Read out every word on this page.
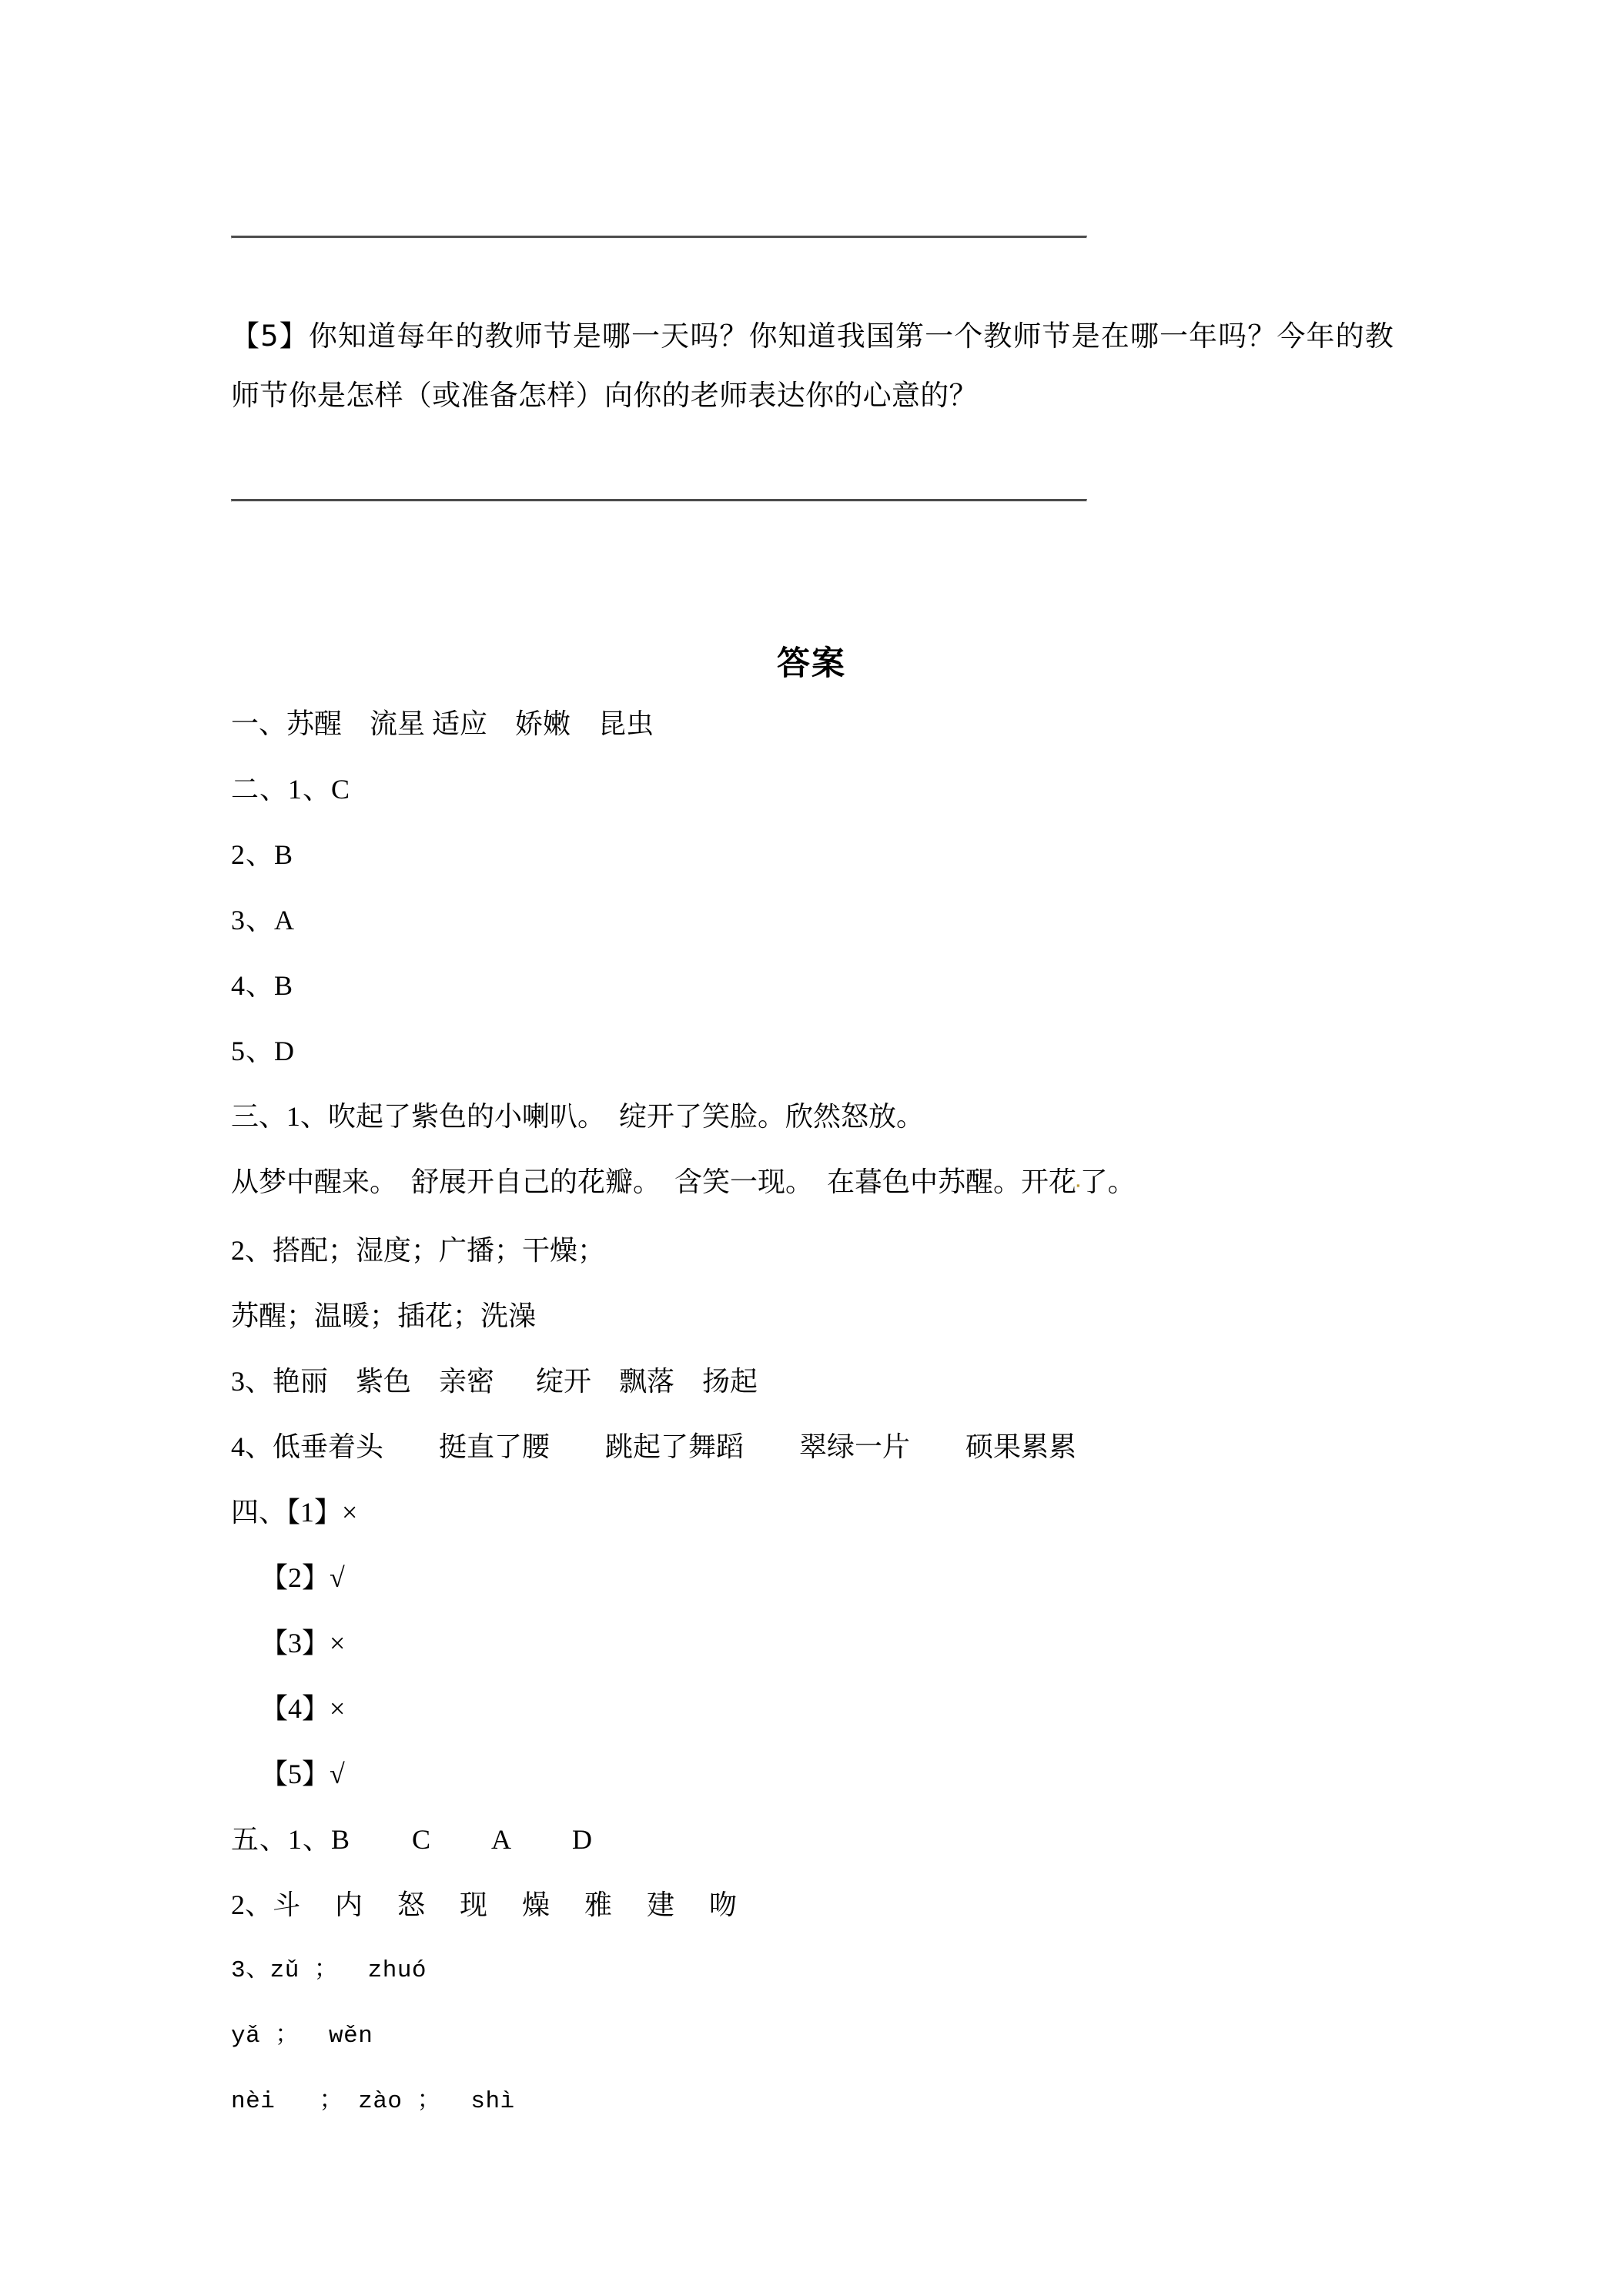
【5】你知道每年的教师节是哪一天吗？你知道我国第一个教师节是在哪一年吗？今年的教师节你是怎样（或准备怎样）向你的老师表达你的心意的？
答案
一、苏醒    流星 适应    娇嫩    昆虫
二、1、C
2、B
3、A
4、B
5、D
三、1、吹起了紫色的小喇叭。  绽开了笑脸。欣然怒放。
从梦中醒来。  舒展开自己的花瓣。  含笑一现。  在暮色中苏醒。开花▪了。
2、搭配；湿度；广播；干燥；
苏醒；温暖；插花；洗澡
3、艳丽    紫色    亲密      绽开    飘落    扬起
4、低垂着头        挺直了腰        跳起了舞蹈        翠绿一片        硕果累累
四、【1】×
【2】√
【3】×
【4】×
【5】√
五、1、B        C        A        D
2、斗     内     怒     现     燥     雅     建     吻
3、zǔ ；  zhuó
yǎ ；  wěn
nèi   ； zào ；  shì
